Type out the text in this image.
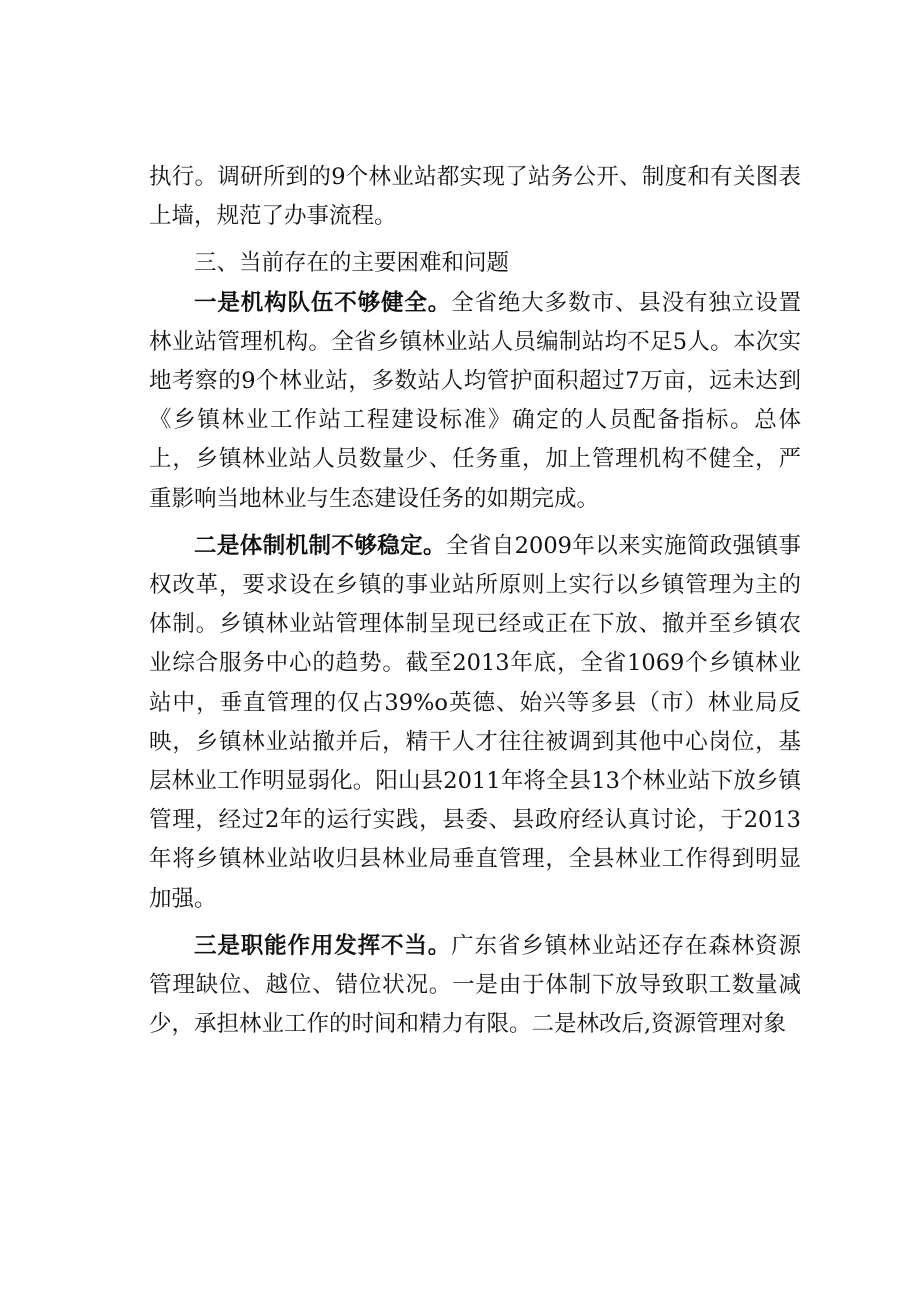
执行。调研所到的9个林业站都实现了站务公开、制度和有关图表上墙，规范了办事流程。

三、当前存在的主要困难和问题

一是机构队伍不够健全。全省绝大多数市、县没有独立设置林业站管理机构。全省乡镇林业站人员编制站均不足5人。本次实地考察的9个林业站，多数站人均管护面积超过7万亩，远未达到《乡镇林业工作站工程建设标准》确定的人员配备指标。总体上，乡镇林业站人员数量少、任务重，加上管理机构不健全，严重影响当地林业与生态建设任务的如期完成。

二是体制机制不够稳定。全省自2009年以来实施简政强镇事权改革，要求设在乡镇的事业站所原则上实行以乡镇管理为主的体制。乡镇林业站管理体制呈现已经或正在下放、撤并至乡镇农业综合服务中心的趋势。截至2013年底，全省1069个乡镇林业站中，垂直管理的仅占39%o英德、始兴等多县（市）林业局反映，乡镇林业站撤并后，精干人才往往被调到其他中心岗位，基层林业工作明显弱化。阳山县2011年将全县13个林业站下放乡镇管理，经过2年的运行实践，县委、县政府经认真讨论，于2013年将乡镇林业站收归县林业局垂直管理，全县林业工作得到明显加强。

三是职能作用发挥不当。广东省乡镇林业站还存在森林资源管理缺位、越位、错位状况。一是由于体制下放导致职工数量减少，承担林业工作的时间和精力有限。二是林改后,资源管理对象
